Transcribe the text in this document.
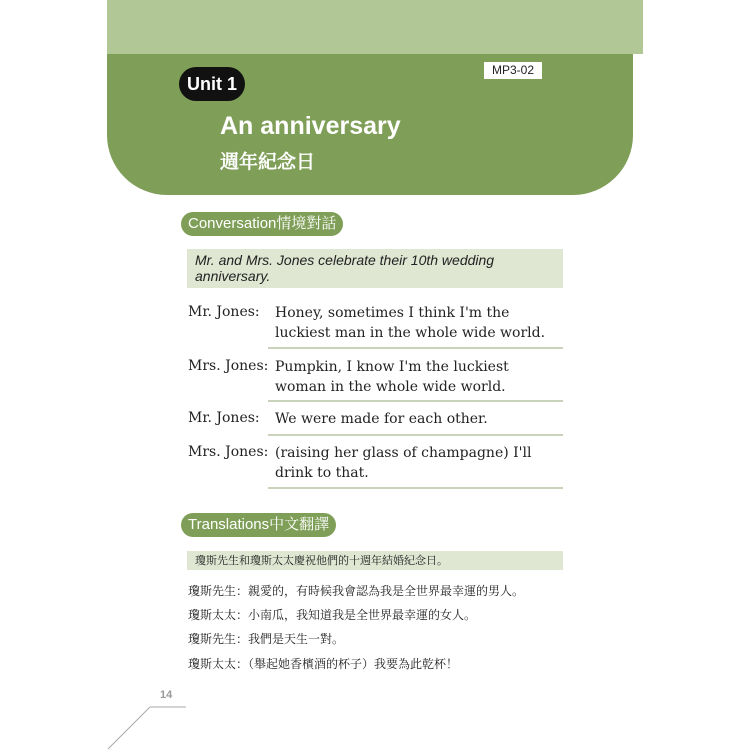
Unit 1
MP3-02
An anniversary
週年紀念日
Conversation情境對話
Mr. and Mrs. Jones celebrate their 10th wedding anniversary.
Mr. Jones: Honey, sometimes I think I'm the luckiest man in the whole wide world.
Mrs. Jones: Pumpkin, I know I'm the luckiest woman in the whole wide world.
Mr. Jones: We were made for each other.
Mrs. Jones: (raising her glass of champagne) I'll drink to that.
Translations中文翻譯
瓊斯先生和瓊斯太太慶祝他們的十週年結婚紀念日。
瓊斯先生：親愛的，有時候我會認為我是全世界最幸運的男人。
瓊斯太太：小南瓜，我知道我是全世界最幸運的女人。
瓊斯先生：我們是天生一對。
瓊斯太太：（舉起她香檳酒的杯子）我要為此乾杯！
14
